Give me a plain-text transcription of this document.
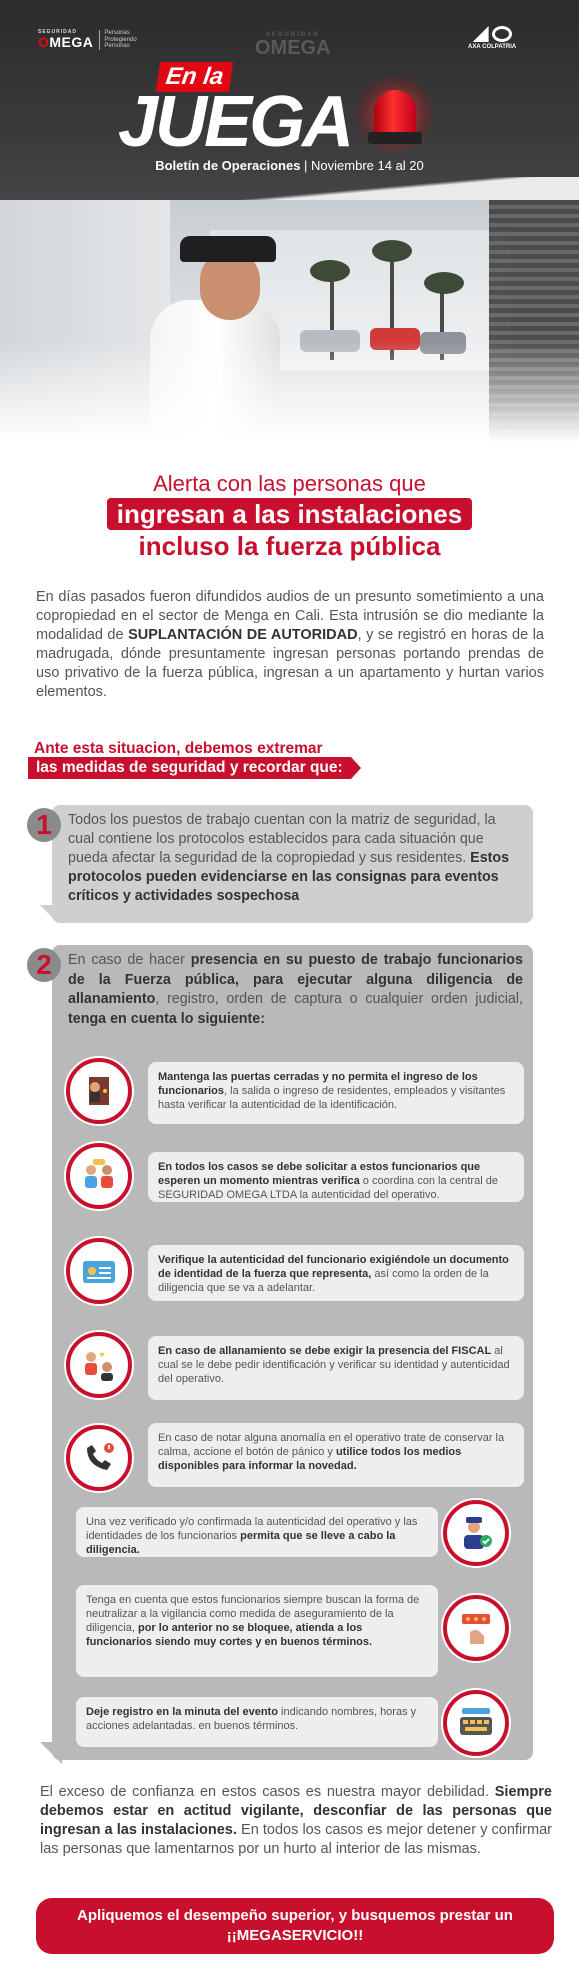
SEGURIDAD
OMEGA
Personas
Protegiendo
Personas
SEGURIDAD
OMEGA	AXA COLPATRIA
En la
JUEGA
Boletín de Operaciones | Noviembre 14 al 20
Alerta con las personas que
ingresan a las instalaciones
incluso la fuerza pública

En días pasados fueron difundidos audios de un presunto sometimiento a una copropiedad en el sector de Menga en Cali. Esta intrusión se dio mediante la modalidad de SUPLANTACIÓN DE AUTORIDAD, y se registró en horas de la madrugada, dónde presuntamente ingresan personas portando prendas de uso privativo de la fuerza pública, ingresan a un apartamento y hurtan varios elementos.

Ante esta situacion, debemos extremar
las medidas de seguridad y recordar que:

Todos los puestos de trabajo cuentan con la matriz de seguridad, la cual contiene los protocolos establecidos para cada situación que pueda afectar la seguridad de la copropiedad y sus residentes. Estos protocolos pueden evidenciarse en las consignas para eventos críticos y actividades sospechosa

1

En caso de hacer presencia en su puesto de trabajo funcionarios de la Fuerza pública, para ejecutar alguna diligencia de allanamiento, registro, orden de captura o cualquier orden judicial, tenga en cuenta lo siguiente:

2
Mantenga las puertas cerradas y no permita el ingreso de los funcionarios, la salida o ingreso de residentes, empleados y visitantes hasta verificar la autenticidad de la identificación.
En todos los casos se debe solicitar a estos funcionarios que esperen un momento mientras verifica o coordina con la central de SEGURIDAD OMEGA LTDA la autenticidad del operativo.
Verifique la autenticidad del funcionario exigiéndole un documento de identidad de la fuerza que representa, así como la orden de la diligencia que se va a adelantar.
En caso de allanamiento se debe exigir la presencia del FISCAL al cual se le debe pedir identificación y verificar su identidad y autenticidad del operativo.
En caso de notar alguna anomalía en el operativo trate de conservar la calma, accione el botón de pánico y utilice todos los medios disponibles para informar la novedad.
Una vez verificado y/o confirmada la autenticidad del operativo y las identidades de los funcionarios permita que se lleve a cabo la diligencia.
Tenga en cuenta que estos funcionarios siempre buscan la forma de neutralizar a la vigilancia como medida de aseguramiento de la diligencia, por lo anterior no se bloquee, atienda a los funcionarios siendo muy cortes y en buenos términos.
Deje registro en la minuta del evento indicando nombres, horas y acciones adelantadas. en buenos términos.

El exceso de confianza en estos casos es nuestra mayor debilidad. Siempre debemos estar en actitud vigilante, desconfiar de las personas que ingresan a las instalaciones. En todos los casos es mejor detener y confirmar las personas que lamentarnos por un hurto al interior de las mismas.

Apliquemos el desempeño superior, y busquemos prestar un
¡¡MEGASERVICIO!!
